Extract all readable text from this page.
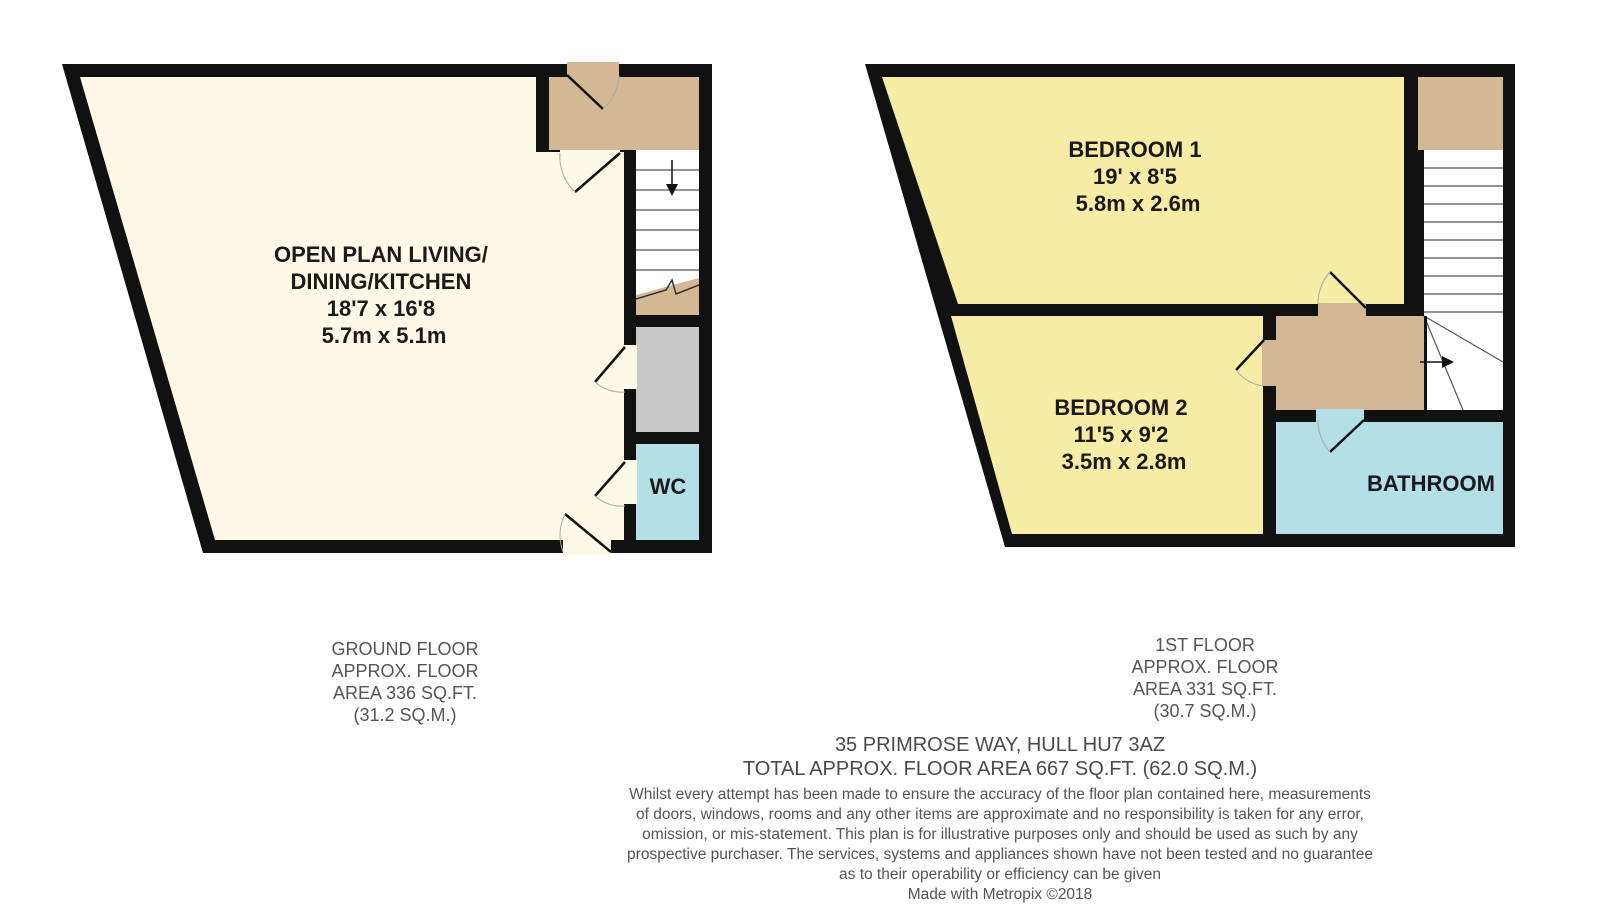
OPEN PLAN LIVING/ DINING/KITCHEN 18'7 x 16'8 5.7m x 5.1m
WC
BEDROOM 1 19' x 8'5 5.8m x 2.6m
BEDROOM 2 11'5 x 9'2 3.5m x 2.8m
BATHROOM
GROUND FLOOR
APPROX. FLOOR
AREA 336 SQ.FT.
(31.2 SQ.M.)
1ST FLOOR
APPROX. FLOOR
AREA 331 SQ.FT.
(30.7 SQ.M.)
35 PRIMROSE WAY, HULL HU7 3AZ
TOTAL APPROX. FLOOR AREA 667 SQ.FT. (62.0 SQ.M.)
Whilst every attempt has been made to ensure the accuracy of the floor plan contained here, measurements
of doors, windows, rooms and any other items are approximate and no responsibility is taken for any error,
omission, or mis-statement. This plan is for illustrative purposes only and should be used as such by any
prospective purchaser. The services, systems and appliances shown have not been tested and no guarantee
as to their operability or efficiency can be given
Made with Metropix ©2018
